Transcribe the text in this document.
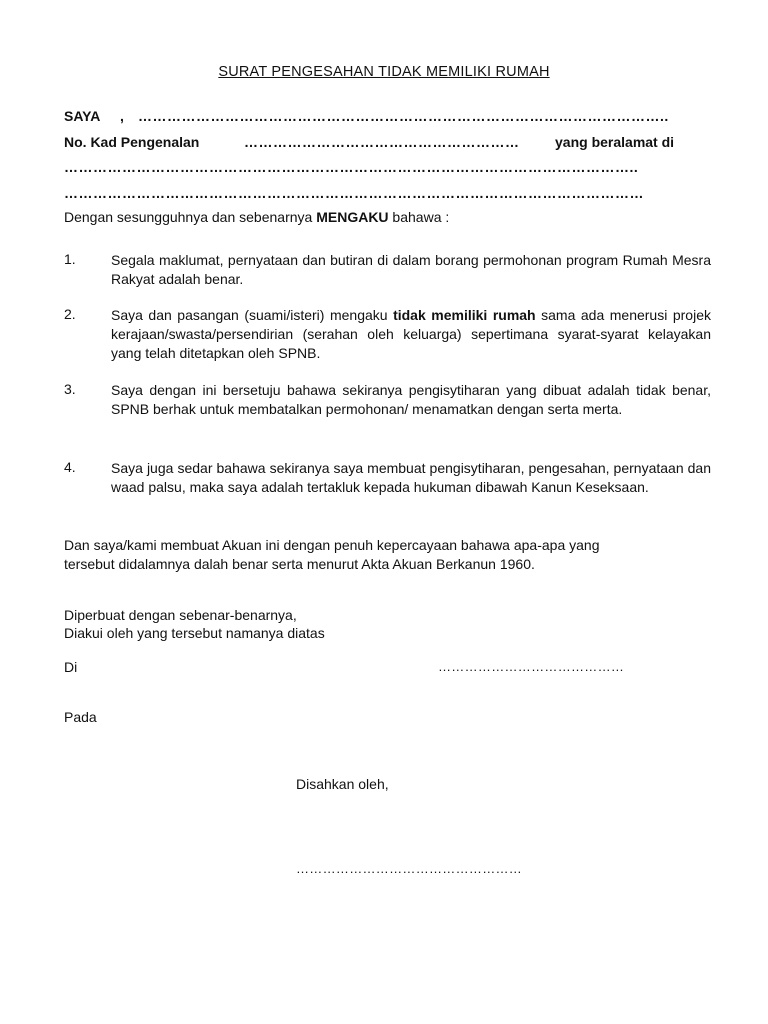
SURAT PENGESAHAN TIDAK MEMILIKI RUMAH
SAYA , ………………………………………………………………………………………………..
No. Kad Pengenalan	…………………………………………………	yang beralamat di
………………………………………………………………………………………………………..
…………………………………………………………………………………………………………
Dengan sesungguhnya dan sebenarnya MENGAKU bahawa :
1.	Segala maklumat, pernyataan dan butiran di dalam borang permohonan program Rumah Mesra Rakyat adalah benar.
2.	Saya dan pasangan (suami/isteri) mengaku tidak memiliki rumah sama ada menerusi projek kerajaan/swasta/persendirian (serahan oleh keluarga) sepertimana syarat-syarat kelayakan yang telah ditetapkan oleh SPNB.
3.	Saya dengan ini bersetuju bahawa sekiranya pengisytiharan yang dibuat adalah tidak benar, SPNB berhak untuk membatalkan permohonan/ menamatkan dengan serta merta.
4.	Saya juga sedar bahawa sekiranya saya membuat pengisytiharan, pengesahan, pernyataan dan waad palsu, maka saya adalah tertakluk kepada hukuman dibawah Kanun Keseksaan.
Dan saya/kami membuat Akuan ini dengan penuh kepercayaan bahawa apa-apa yang
tersebut didalamnya dalah benar serta menurut Akta Akuan Berkanun 1960.
Diperbuat dengan sebenar-benarnya,
Diakui oleh yang tersebut namanya diatas
Di	……………………………………
Pada
Disahkan oleh,
……………………………………………
